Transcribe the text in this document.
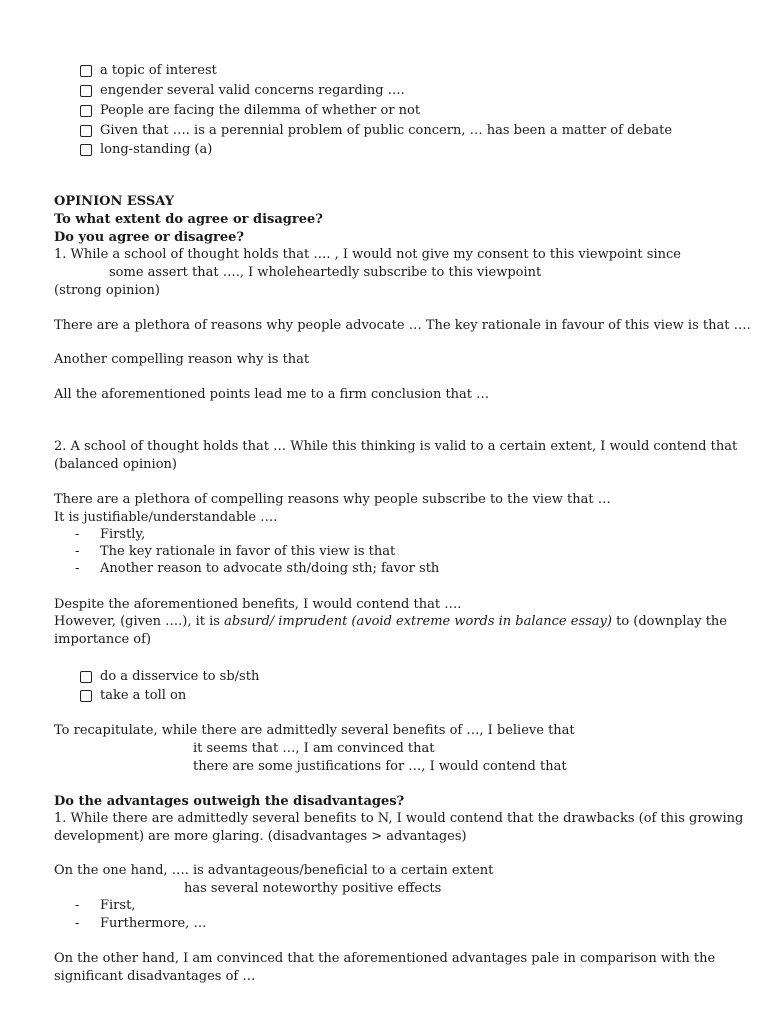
a topic of interest
engender several valid concerns regarding ….
People are facing the dilemma of whether or not
Given that …. is a perennial problem of public concern, … has been a matter of debate
long-standing (a)
OPINION ESSAY
To what extent do agree or disagree?
Do you agree or disagree?
1. While a school of thought holds that …. , I would not give my consent to this viewpoint since
some assert that …., I wholeheartedly subscribe to this viewpoint
(strong opinion)
There are a plethora of reasons why people advocate … The key rationale in favour of this view is that ….
Another compelling reason why is that
All the aforementioned points lead me to a firm conclusion that …
2. A school of thought holds that … While this thinking is valid to a certain extent, I would contend that
(balanced opinion)
There are a plethora of compelling reasons why people subscribe to the view that …
It is justifiable/understandable ….
- Firstly,
- The key rationale in favor of this view is that
- Another reason to advocate sth/doing sth; favor sth
Despite the aforementioned benefits, I would contend that ….
However, (given ….), it is absurd/ imprudent (avoid extreme words in balance essay) to (downplay the
importance of)
do a disservice to sb/sth
take a toll on
To recapitulate, while there are admittedly several benefits of …, I believe that
it seems that …, I am convinced that
there are some justifications for …, I would contend that
Do the advantages outweigh the disadvantages?
1. While there are admittedly several benefits to N, I would contend that the drawbacks (of this growing
development) are more glaring. (disadvantages > advantages)
On the one hand, …. is advantageous/beneficial to a certain extent
has several noteworthy positive effects
- First,
- Furthermore, …
On the other hand, I am convinced that the aforementioned advantages pale in comparison with the
significant disadvantages of …
